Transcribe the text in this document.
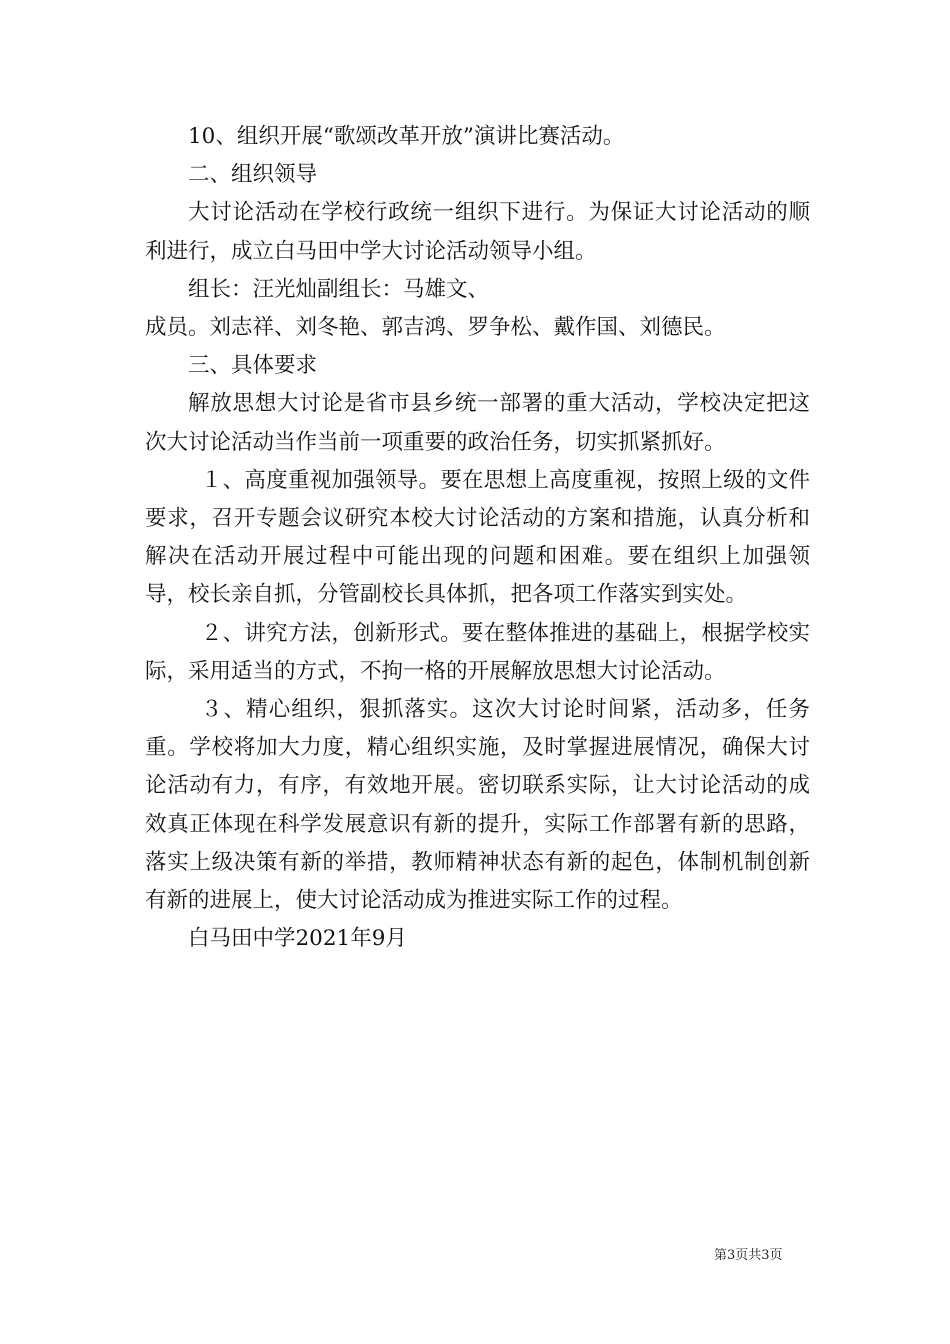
10、组织开展“歌颂改革开放”演讲比赛活动。

二、组织领导

大讨论活动在学校行政统一组织下进行。为保证大讨论活动的顺利进行，成立白马田中学大讨论活动领导小组。

组长：汪光灿副组长：马雄文、

成员。刘志祥、刘冬艳、郭吉鸿、罗争松、戴作国、刘德民。

三、具体要求

解放思想大讨论是省市县乡统一部署的重大活动，学校决定把这次大讨论活动当作当前一项重要的政治任务，切实抓紧抓好。

１、高度重视加强领导。要在思想上高度重视，按照上级的文件要求，召开专题会议研究本校大讨论活动的方案和措施，认真分析和解决在活动开展过程中可能出现的问题和困难。要在组织上加强领导，校长亲自抓，分管副校长具体抓，把各项工作落实到实处。

２、讲究方法，创新形式。要在整体推进的基础上，根据学校实际，采用适当的方式，不拘一格的开展解放思想大讨论活动。

３、精心组织，狠抓落实。这次大讨论时间紧，活动多，任务重。学校将加大力度，精心组织实施，及时掌握进展情况，确保大讨论活动有力，有序，有效地开展。密切联系实际，让大讨论活动的成效真正体现在科学发展意识有新的提升，实际工作部署有新的思路，落实上级决策有新的举措，教师精神状态有新的起色，体制机制创新有新的进展上，使大讨论活动成为推进实际工作的过程。

白马田中学2021年9月

第3页共3页
